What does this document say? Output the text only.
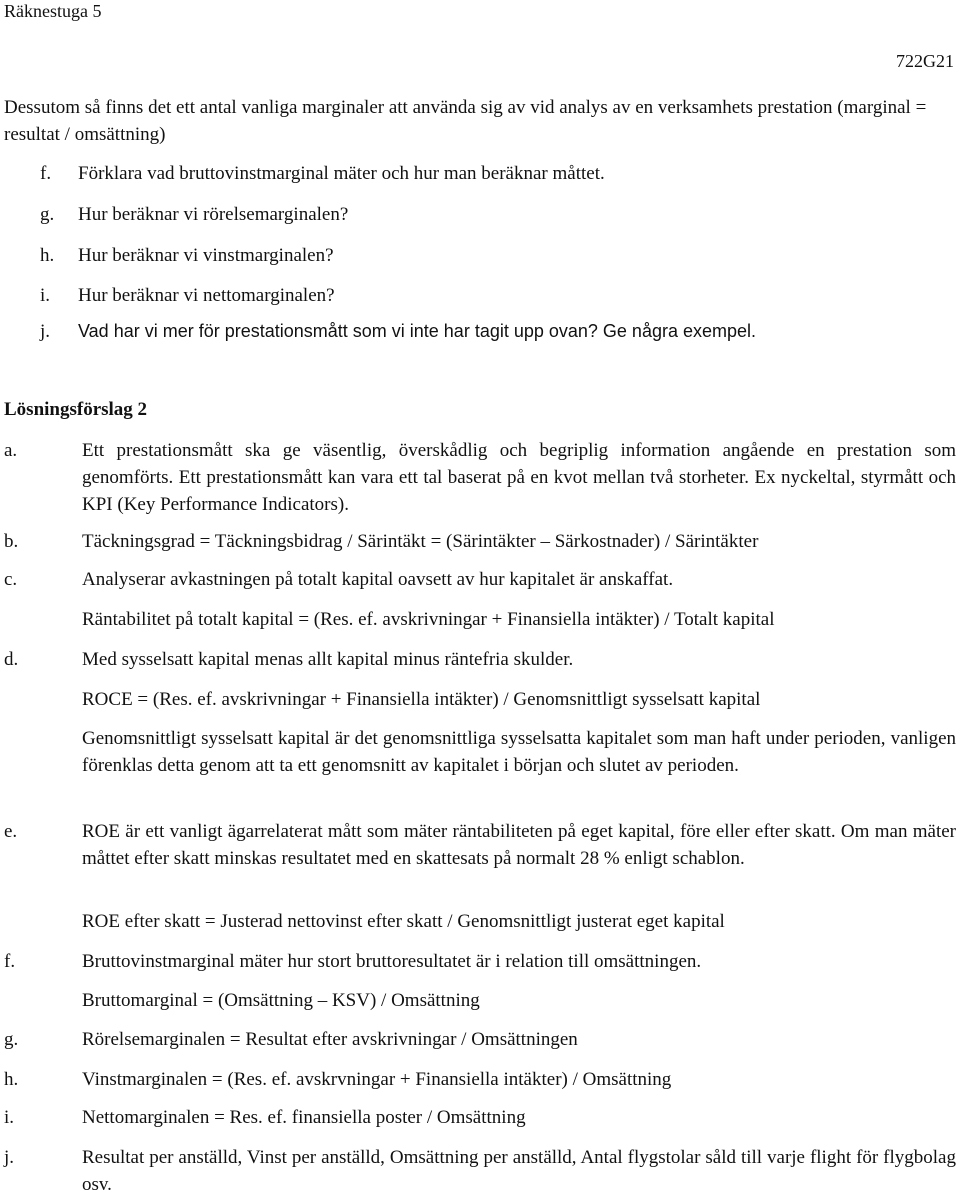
Räknestuga 5
722G21

Dessutom så finns det ett antal vanliga marginaler att använda sig av vid analys av en verksamhets prestation (marginal = resultat / omsättning)

f.	Förklara vad bruttovinstmarginal mäter och hur man beräknar måttet.
g.	Hur beräknar vi rörelsemarginalen?
h.	Hur beräknar vi vinstmarginalen?
i.	Hur beräknar vi nettomarginalen?
j.	Vad har vi mer för prestationsmått som vi inte har tagit upp ovan? Ge några exempel.
Lösningsförslag 2
a.	Ett prestationsmått ska ge väsentlig, överskådlig och begriplig information angående en prestation som genomförts. Ett prestationsmått kan vara ett tal baserat på en kvot mellan två storheter. Ex nyckeltal, styrmått och KPI (Key Performance Indicators).
b.	Täckningsgrad = Täckningsbidrag / Särintäkt = (Särintäkter – Särkostnader) / Särintäkter
c.	Analyserar avkastningen på totalt kapital oavsett av hur kapitalet är anskaffat.
Räntabilitet på totalt kapital = (Res. ef. avskrivningar + Finansiella intäkter) / Totalt kapital
d.	Med sysselsatt kapital menas allt kapital minus räntefria skulder.
ROCE = (Res. ef. avskrivningar + Finansiella intäkter) / Genomsnittligt sysselsatt kapital
Genomsnittligt sysselsatt kapital är det genomsnittliga sysselsatta kapitalet som man haft under perioden, vanligen förenklas detta genom att ta ett genomsnitt av kapitalet i början och slutet av perioden.
e.	ROE är ett vanligt ägarrelaterat mått som mäter räntabiliteten på eget kapital, före eller efter skatt. Om man mäter måttet efter skatt minskas resultatet med en skattesats på normalt 28 % enligt schablon.
ROE efter skatt = Justerad nettovinst efter skatt / Genomsnittligt justerat eget kapital
f.	Bruttovinstmarginal mäter hur stort bruttoresultatet är i relation till omsättningen.
Bruttomarginal = (Omsättning – KSV) / Omsättning
g.	Rörelsemarginalen = Resultat efter avskrivningar / Omsättningen
h.	Vinstmarginalen = (Res. ef. avskrvningar + Finansiella intäkter) / Omsättning
i.	Nettomarginalen = Res. ef. finansiella poster / Omsättning
j.	Resultat per anställd, Vinst per anställd, Omsättning per anställd, Antal flygstolar såld till varje flight för flygbolag osv.
